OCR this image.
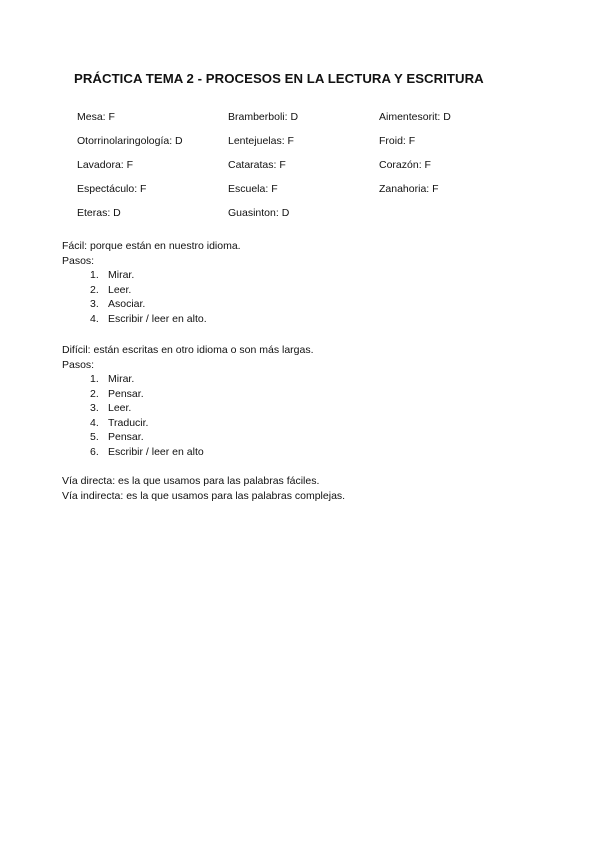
PRÁCTICA TEMA 2 - PROCESOS EN LA LECTURA Y ESCRITURA
Mesa: F	Bramberboli: D	Aimentesorit: D
Otorrinolaringología: D	Lentejuelas: F	Froid: F
Lavadora: F	Cataratas: F	Corazón: F
Espectáculo: F	Escuela: F	Zanahoria: F
Eteras: D	Guasinton: D
Fácil: porque están en nuestro idioma.
Pasos:
1. Mirar.
2. Leer.
3. Asociar.
4. Escribir / leer en alto.
Difícil: están escritas en otro idioma o son más largas.
Pasos:
1. Mirar.
2. Pensar.
3. Leer.
4. Traducir.
5. Pensar.
6. Escribir / leer en alto
Vía directa: es la que usamos para las palabras fáciles.
Vía indirecta: es la que usamos para las palabras complejas.
